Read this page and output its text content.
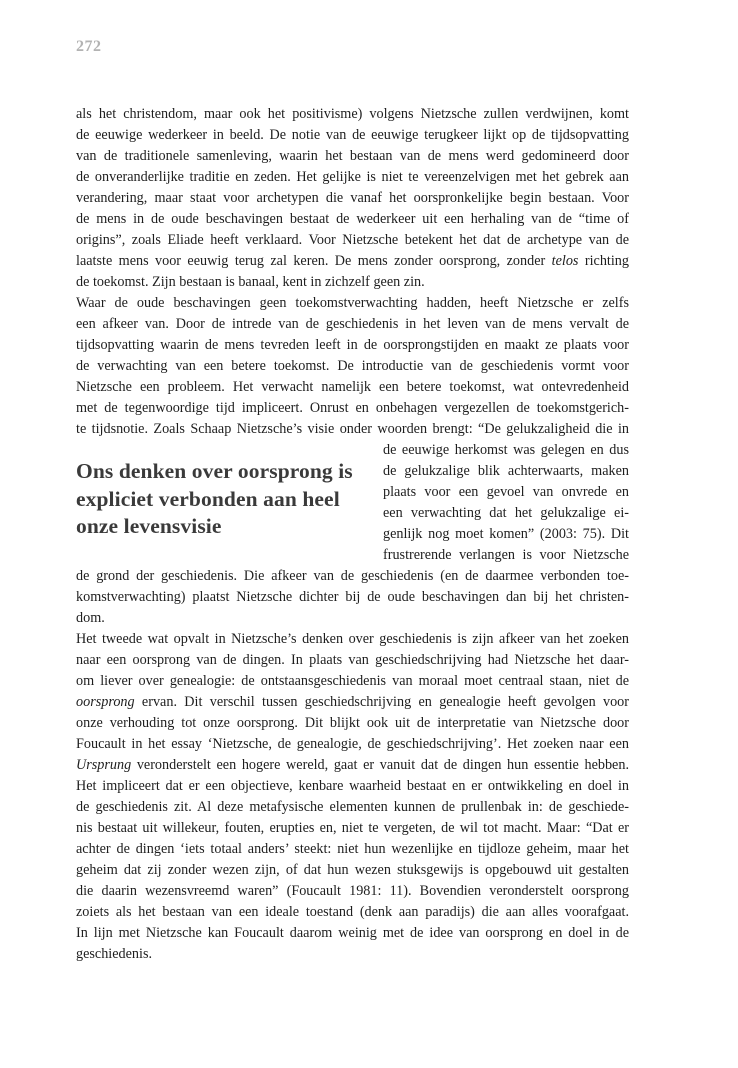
272
als het christendom, maar ook het positivisme) volgens Nietzsche zullen verdwijnen, komt
de eeuwige wederkeer in beeld. De notie van de eeuwige terugkeer lijkt op de tijdsopvatting
van de traditionele samenleving, waarin het bestaan van de mens werd gedomineerd door
de onveranderlijke traditie en zeden. Het gelijke is niet te vereenzelvigen met het gebrek aan
verandering, maar staat voor archetypen die vanaf het oorspronkelijke begin bestaan. Voor
de mens in de oude beschavingen bestaat de wederkeer uit een herhaling van de “time of
origins”, zoals Eliade heeft verklaard. Voor Nietzsche betekent het dat de archetype van de
laatste mens voor eeuwig terug zal keren. De mens zonder oorsprong, zonder telos richting
de toekomst. Zijn bestaan is banaal, kent in zichzelf geen zin.
Waar de oude beschavingen geen toekomstverwachting hadden, heeft Nietzsche er zelfs
een afkeer van. Door de intrede van de geschiedenis in het leven van de mens vervalt de
tijdsopvatting waarin de mens tevreden leeft in de oorsprongstijden en maakt ze plaats voor
de verwachting van een betere toekomst. De introductie van de geschiedenis vormt voor
Nietzsche een probleem. Het verwacht namelijk een betere toekomst, wat ontevredenheid
met de tegenwoordige tijd impliceert. Onrust en onbehagen vergezellen de toekomstgerich-
te tijdsnotie. Zoals Schaap Nietzsche’s visie onder woorden brengt: “De gelukzaligheid die in
Ons denken over oorsprong is
expliciet verbonden aan heel
onze levensvisie
de eeuwige herkomst was gelegen en dus
de gelukzalige blik achterwaarts, maken
plaats voor een gevoel van onvrede en
een verwachting dat het gelukzalige ei-
genlijk nog moet komen” (2003: 75). Dit
frustrerende verlangen is voor Nietzsche
de grond der geschiedenis. Die afkeer van de geschiedenis (en de daarmee verbonden toe-
komstverwachting) plaatst Nietzsche dichter bij de oude beschavingen dan bij het christen-
dom.
Het tweede wat opvalt in Nietzsche’s denken over geschiedenis is zijn afkeer van het zoeken
naar een oorsprong van de dingen. In plaats van geschiedschrijving had Nietzsche het daar-
om liever over genealogie: de ontstaansgeschiedenis van moraal moet centraal staan, niet de
oorsprong ervan. Dit verschil tussen geschiedschrijving en genealogie heeft gevolgen voor
onze verhouding tot onze oorsprong. Dit blijkt ook uit de interpretatie van Nietzsche door
Foucault in het essay ‘Nietzsche, de genealogie, de geschiedschrijving’. Het zoeken naar een
Ursprung veronderstelt een hogere wereld, gaat er vanuit dat de dingen hun essentie hebben.
Het impliceert dat er een objectieve, kenbare waarheid bestaat en er ontwikkeling en doel in
de geschiedenis zit. Al deze metafysische elementen kunnen de prullenbak in: de geschiede-
nis bestaat uit willekeur, fouten, erupties en, niet te vergeten, de wil tot macht. Maar: “Dat er
achter de dingen ‘iets totaal anders’ steekt: niet hun wezenlijke en tijdloze geheim, maar het
geheim dat zij zonder wezen zijn, of dat hun wezen stuksgewijs is opgebouwd uit gestalten
die daarin wezensvreemd waren” (Foucault 1981: 11). Bovendien veronderstelt oorsprong
zoiets als het bestaan van een ideale toestand (denk aan paradijs) die aan alles voorafgaat.
In lijn met Nietzsche kan Foucault daarom weinig met de idee van oorsprong en doel in de
geschiedenis.
